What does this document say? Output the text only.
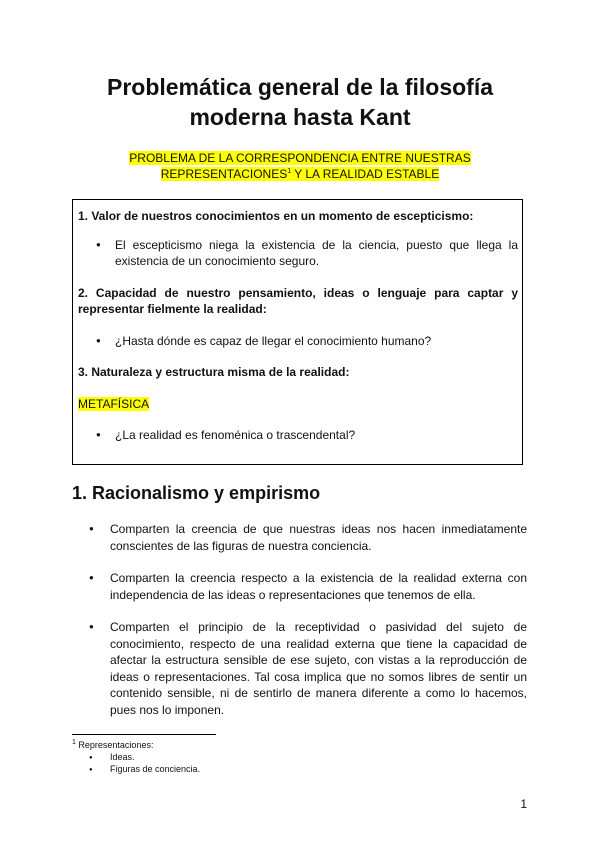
Problemática general de la filosofía
moderna hasta Kant

PROBLEMA DE LA CORRESPONDENCIA ENTRE NUESTRAS REPRESENTACIONES$^1$ Y LA REALIDAD ESTABLE

1. Valor de nuestros conocimientos en un momento de escepticismo:

● El escepticismo niega la existencia de la ciencia, puesto que llega la existencia de un conocimiento seguro.

2. Capacidad de nuestro pensamiento, ideas o lenguaje para captar y representar fielmente la realidad:

● ¿Hasta dónde es capaz de llegar el conocimiento humano?

3. Naturaleza y estructura misma de la realidad:

METAFÍSICA

● ¿La realidad es fenoménica o trascendental?
1. Racionalismo y empirismo
● Comparten la creencia de que nuestras ideas nos hacen inmediatamente conscientes de las figuras de nuestra conciencia.
● Comparten la creencia respecto a la existencia de la realidad externa con independencia de las ideas o representaciones que tenemos de ella.
● Comparten el principio de la receptividad o pasividad del sujeto de conocimiento, respecto de una realidad externa que tiene la capacidad de afectar la estructura sensible de ese sujeto, con vistas a la reproducción de ideas o representaciones. Tal cosa implica que no somos libres de sentir un contenido sensible, ni de sentirlo de manera diferente a como lo hacemos, pues nos lo imponen.
$^1$ Representaciones:
● Ideas.
● Figuras de conciencia.
1
